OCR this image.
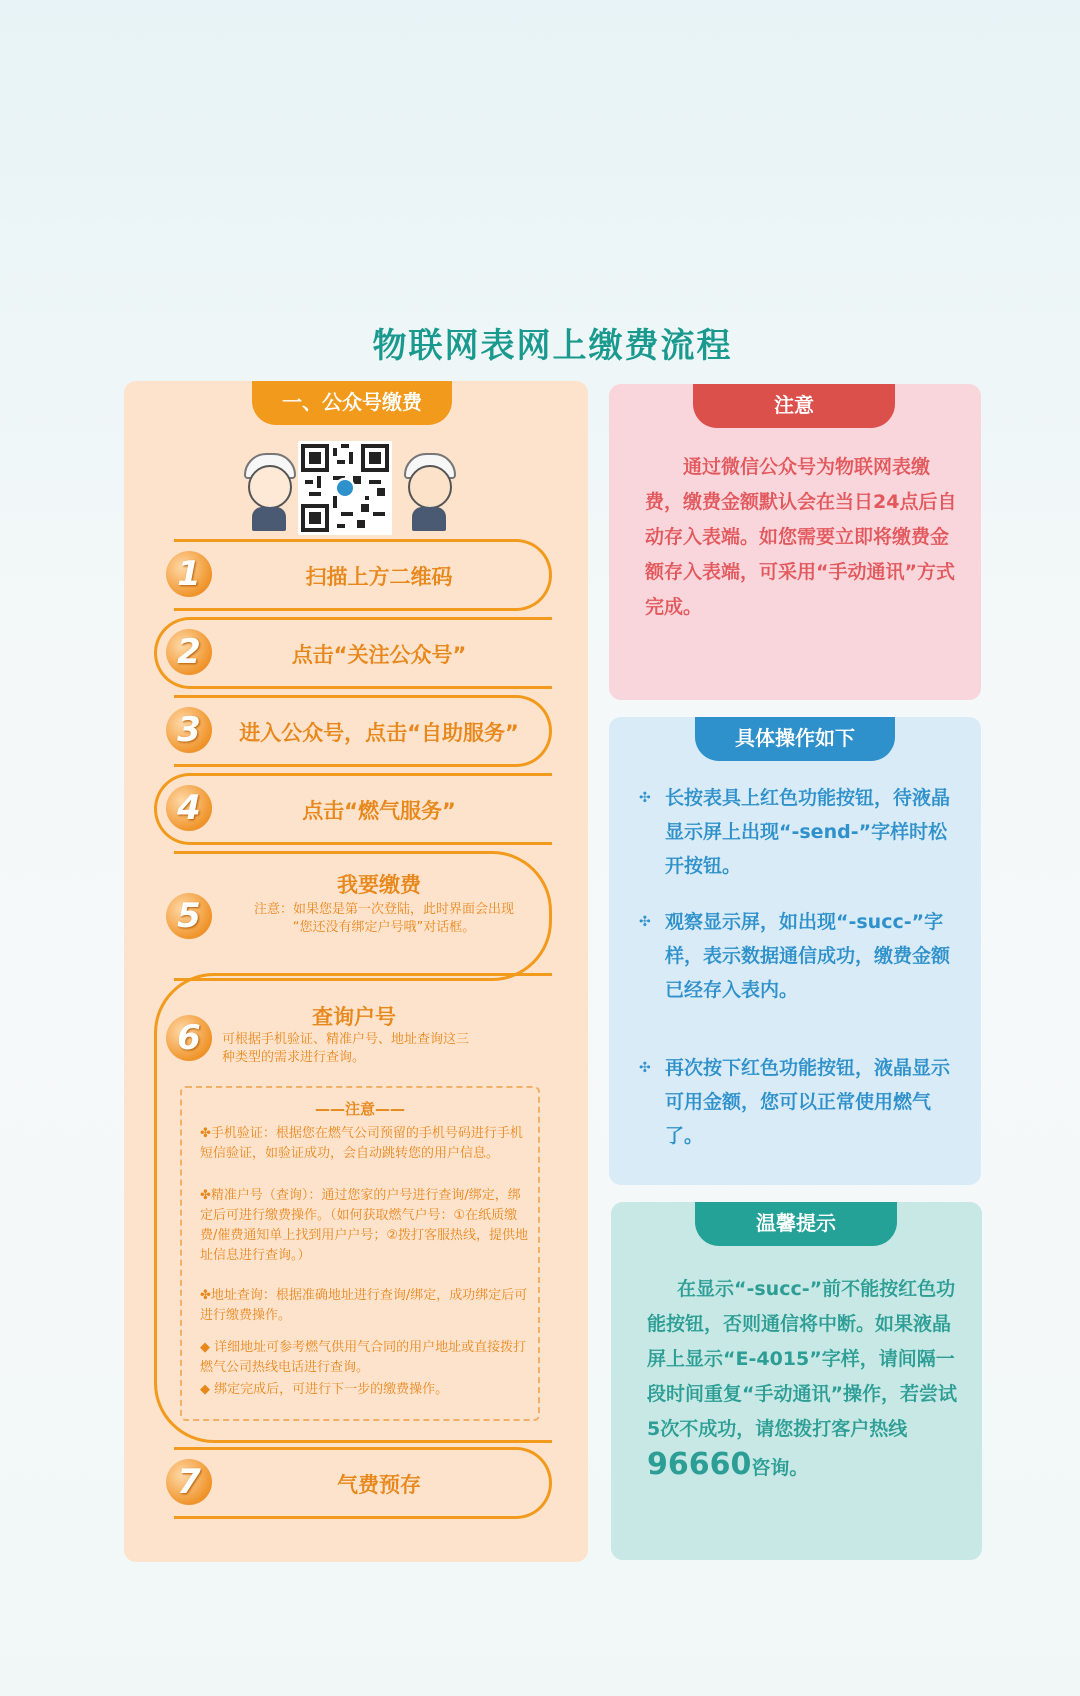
物联网表网上缴费流程
一、公众号缴费
1	扫描上方二维码
2	点击“关注公众号”
3	进入公众号，点击“自助服务”
4	点击“燃气服务”
5
我要缴费
注意：如果您是第一次登陆，此时界面会出现
“您还没有绑定户号哦”对话框。
6
查询户号
可根据手机验证、精准户号、地址查询这三
种类型的需求进行查询。
——注意——
✤手机验证：根据您在燃气公司预留的手机号码进行手机短信验证，如验证成功，会自动跳转您的用户信息。
✤精准户号（查询）：通过您家的户号进行查询/绑定，绑定后可进行缴费操作。（如何获取燃气户号：①在纸质缴费/催费通知单上找到用户户号；②拨打客服热线，提供地址信息进行查询。）
✤地址查询：根据准确地址进行查询/绑定，成功绑定后可进行缴费操作。
◆ 详细地址可参考燃气供用气合同的用户地址或直接拨打燃气公司热线电话进行查询。
◆ 绑定完成后，可进行下一步的缴费操作。
7	气费预存
注意
通过微信公众号为物联网表缴费，缴费金额默认会在当日24点后自动存入表端。如您需要立即将缴费金额存入表端，可采用“手动通讯”方式完成。
具体操作如下
✣ 长按表具上红色功能按钮，待液晶显示屏上出现“-send-”字样时松开按钮。
✣ 观察显示屏，如出现“-succ-”字样，表示数据通信成功，缴费金额已经存入表内。
✣ 再次按下红色功能按钮，液晶显示可用金额，您可以正常使用燃气了。
温馨提示
在显示“-succ-”前不能按红色功能按钮，否则通信将中断。如果液晶屏上显示“E-4015”字样，请间隔一段时间重复“手动通讯”操作，若尝试5次不成功，请您拨打客户热线96660咨询。
